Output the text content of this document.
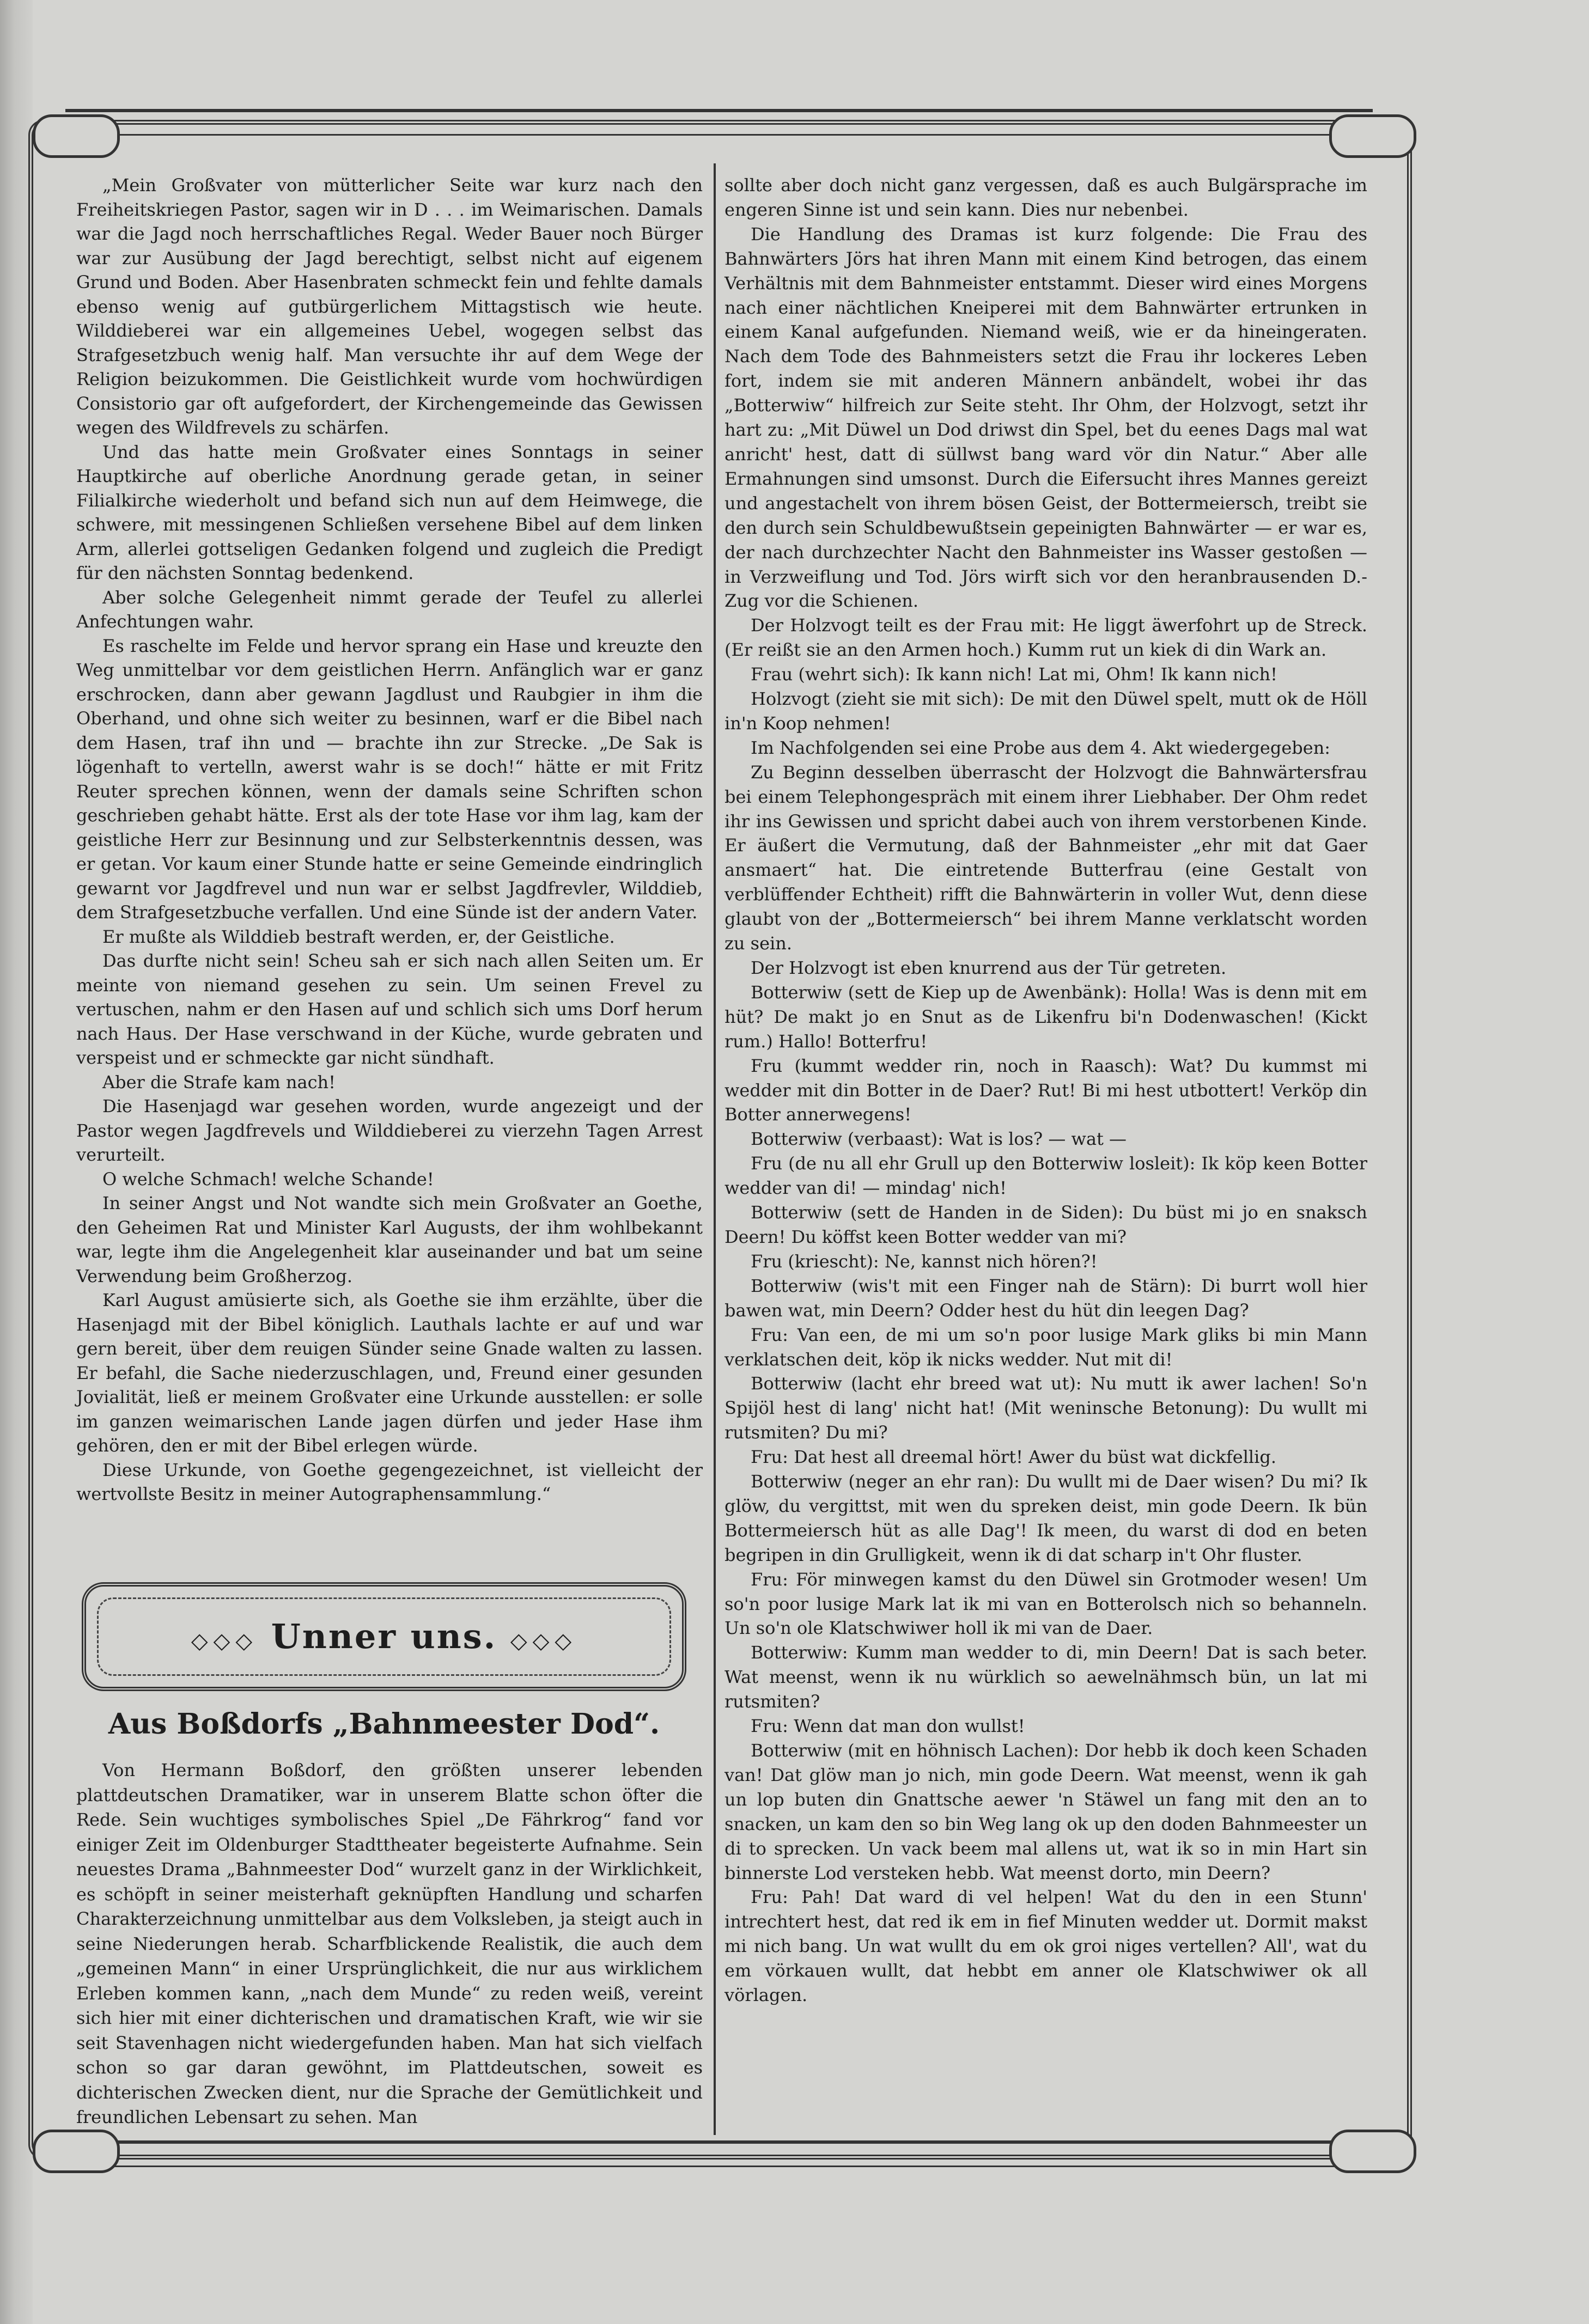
„Mein Großvater von mütterlicher Seite war kurz nach den Freiheitskriegen Pastor, sagen wir in D . . . im Weimarischen. Damals war die Jagd noch herrschaftliches Regal. Weder Bauer noch Bürger war zur Ausübung der Jagd berechtigt, selbst nicht auf eigenem Grund und Boden. Aber Hasenbraten schmeckt fein und fehlte damals ebenso wenig auf gutbürgerlichem Mittagstisch wie heute. Wilddieberei war ein allgemeines Uebel, wogegen selbst das Strafgesetzbuch wenig half. Man versuchte ihr auf dem Wege der Religion beizukommen. Die Geistlichkeit wurde vom hochwürdigen Consistorio gar oft aufgefordert, der Kirchengemeinde das Gewissen wegen des Wildfrevels zu schärfen.

Und das hatte mein Großvater eines Sonntags in seiner Hauptkirche auf oberliche Anordnung gerade getan, in seiner Filialkirche wiederholt und befand sich nun auf dem Heimwege, die schwere, mit messingenen Schließen versehene Bibel auf dem linken Arm, allerlei gottseligen Gedanken folgend und zugleich die Predigt für den nächsten Sonntag bedenkend.

Aber solche Gelegenheit nimmt gerade der Teufel zu allerlei Anfechtungen wahr.

Es raschelte im Felde und hervor sprang ein Hase und kreuzte den Weg unmittelbar vor dem geistlichen Herrn. Anfänglich war er ganz erschrocken, dann aber gewann Jagdlust und Raubgier in ihm die Oberhand, und ohne sich weiter zu besinnen, warf er die Bibel nach dem Hasen, traf ihn und — brachte ihn zur Strecke. „De Sak is lögenhaft to vertelln, awerst wahr is se doch!“ hätte er mit Fritz Reuter sprechen können, wenn der damals seine Schriften schon geschrieben gehabt hätte. Erst als der tote Hase vor ihm lag, kam der geistliche Herr zur Besinnung und zur Selbsterkenntnis dessen, was er getan. Vor kaum einer Stunde hatte er seine Gemeinde eindringlich gewarnt vor Jagdfrevel und nun war er selbst Jagdfrevler, Wilddieb, dem Strafgesetzbuche verfallen. Und eine Sünde ist der andern Vater.

Er mußte als Wilddieb bestraft werden, er, der Geistliche.

Das durfte nicht sein! Scheu sah er sich nach allen Seiten um. Er meinte von niemand gesehen zu sein. Um seinen Frevel zu vertuschen, nahm er den Hasen auf und schlich sich ums Dorf herum nach Haus. Der Hase verschwand in der Küche, wurde gebraten und verspeist und er schmeckte gar nicht sündhaft.

Aber die Strafe kam nach!

Die Hasenjagd war gesehen worden, wurde angezeigt und der Pastor wegen Jagdfrevels und Wilddieberei zu vierzehn Tagen Arrest verurteilt.

O welche Schmach! welche Schande!

In seiner Angst und Not wandte sich mein Großvater an Goethe, den Geheimen Rat und Minister Karl Augusts, der ihm wohlbekannt war, legte ihm die Angelegenheit klar auseinander und bat um seine Verwendung beim Großherzog.

Karl August amüsierte sich, als Goethe sie ihm erzählte, über die Hasenjagd mit der Bibel königlich. Lauthals lachte er auf und war gern bereit, über dem reuigen Sünder seine Gnade walten zu lassen. Er befahl, die Sache niederzuschlagen, und, Freund einer gesunden Jovialität, ließ er meinem Großvater eine Urkunde ausstellen: er solle im ganzen weimarischen Lande jagen dürfen und jeder Hase ihm gehören, den er mit der Bibel erlegen würde.

Diese Urkunde, von Goethe gegengezeichnet, ist vielleicht der wertvollste Besitz in meiner Autographensammlung.“

◇◇◇ Unner uns. ◇◇◇
Aus Boßdorfs „Bahnmeester Dod“.

Von Hermann Boßdorf, den größten unserer lebenden plattdeutschen Dramatiker, war in unserem Blatte schon öfter die Rede. Sein wuchtiges symbolisches Spiel „De Fährkrog“ fand vor einiger Zeit im Oldenburger Stadttheater begeisterte Aufnahme. Sein neuestes Drama „Bahnmeester Dod“ wurzelt ganz in der Wirklichkeit, es schöpft in seiner meisterhaft geknüpften Handlung und scharfen Charakterzeichnung unmittelbar aus dem Volksleben, ja steigt auch in seine Niederungen herab. Scharfblickende Realistik, die auch dem „gemeinen Mann“ in einer Ursprünglichkeit, die nur aus wirklichem Erleben kommen kann, „nach dem Munde“ zu reden weiß, vereint sich hier mit einer dichterischen und dramatischen Kraft, wie wir sie seit Stavenhagen nicht wiedergefunden haben. Man hat sich vielfach schon so gar daran gewöhnt, im Plattdeutschen, soweit es dichterischen Zwecken dient, nur die Sprache der Gemütlichkeit und freundlichen Lebensart zu sehen. Man

sollte aber doch nicht ganz vergessen, daß es auch Bulgärsprache im engeren Sinne ist und sein kann. Dies nur nebenbei.

Die Handlung des Dramas ist kurz folgende: Die Frau des Bahnwärters Jörs hat ihren Mann mit einem Kind betrogen, das einem Verhältnis mit dem Bahnmeister entstammt. Dieser wird eines Morgens nach einer nächtlichen Kneiperei mit dem Bahnwärter ertrunken in einem Kanal aufgefunden. Niemand weiß, wie er da hineingeraten. Nach dem Tode des Bahnmeisters setzt die Frau ihr lockeres Leben fort, indem sie mit anderen Männern anbändelt, wobei ihr das „Botterwiw“ hilfreich zur Seite steht. Ihr Ohm, der Holzvogt, setzt ihr hart zu: „Mit Düwel un Dod driwst din Spel, bet du eenes Dags mal wat anricht' hest, datt di süllwst bang ward vör din Natur.“ Aber alle Ermahnungen sind umsonst. Durch die Eifersucht ihres Mannes gereizt und angestachelt von ihrem bösen Geist, der Bottermeiersch, treibt sie den durch sein Schuldbewußtsein gepeinigten Bahnwärter — er war es, der nach durchzechter Nacht den Bahnmeister ins Wasser gestoßen — in Verzweiflung und Tod. Jörs wirft sich vor den heranbrausenden D.-Zug vor die Schienen.

Der Holzvogt teilt es der Frau mit: He liggt äwerfohrt up de Streck. (Er reißt sie an den Armen hoch.) Kumm rut un kiek di din Wark an.

Frau (wehrt sich): Ik kann nich! Lat mi, Ohm! Ik kann nich!

Holzvogt (zieht sie mit sich): De mit den Düwel spelt, mutt ok de Höll in'n Koop nehmen!

Im Nachfolgenden sei eine Probe aus dem 4. Akt wiedergegeben:

Zu Beginn desselben überrascht der Holzvogt die Bahnwärtersfrau bei einem Telephongespräch mit einem ihrer Liebhaber. Der Ohm redet ihr ins Gewissen und spricht dabei auch von ihrem verstorbenen Kinde. Er äußert die Vermutung, daß der Bahnmeister „ehr mit dat Gaer ansmaert“ hat. Die eintretende Butterfrau (eine Gestalt von verblüffender Echtheit) rifft die Bahnwärterin in voller Wut, denn diese glaubt von der „Bottermeiersch“ bei ihrem Manne verklatscht worden zu sein.

Der Holzvogt ist eben knurrend aus der Tür getreten.

Botterwiw (sett de Kiep up de Awenbänk): Holla! Was is denn mit em hüt? De makt jo en Snut as de Likenfru bi'n Dodenwaschen! (Kickt rum.) Hallo! Botterfru!

Fru (kummt wedder rin, noch in Raasch): Wat? Du kummst mi wedder mit din Botter in de Daer? Rut! Bi mi hest utbottert! Verköp din Botter annerwegens!

Botterwiw (verbaast): Wat is los? — wat —

Fru (de nu all ehr Grull up den Botterwiw losleit): Ik köp keen Botter wedder van di! — mindag' nich!

Botterwiw (sett de Handen in de Siden): Du büst mi jo en snaksch Deern! Du köffst keen Botter wedder van mi?

Fru (kriescht): Ne, kannst nich hören?!

Botterwiw (wis't mit een Finger nah de Stärn): Di burrt woll hier bawen wat, min Deern? Odder hest du hüt din leegen Dag?

Fru: Van een, de mi um so'n poor lusige Mark gliks bi min Mann verklatschen deit, köp ik nicks wedder. Nut mit di!

Botterwiw (lacht ehr breed wat ut): Nu mutt ik awer lachen! So'n Spijöl hest di lang' nicht hat! (Mit weninsche Betonung): Du wullt mi rutsmiten? Du mi?

Fru: Dat hest all dreemal hört! Awer du büst wat dickfellig.

Botterwiw (neger an ehr ran): Du wullt mi de Daer wisen? Du mi? Ik glöw, du vergittst, mit wen du spreken deist, min gode Deern. Ik bün Bottermeiersch hüt as alle Dag'! Ik meen, du warst di dod en beten begripen in din Grulligkeit, wenn ik di dat scharp in't Ohr fluster.

Fru: För minwegen kamst du den Düwel sin Grotmoder wesen! Um so'n poor lusige Mark lat ik mi van en Botterolsch nich so behanneln. Un so'n ole Klatschwiwer holl ik mi van de Daer.

Botterwiw: Kumm man wedder to di, min Deern! Dat is sach beter. Wat meenst, wenn ik nu würklich so aewelnähmsch bün, un lat mi rutsmiten?

Fru: Wenn dat man don wullst!

Botterwiw (mit en höhnisch Lachen): Dor hebb ik doch keen Schaden van! Dat glöw man jo nich, min gode Deern. Wat meenst, wenn ik gah un lop buten din Gnattsche aewer 'n Stäwel un fang mit den an to snacken, un kam den so bin Weg lang ok up den doden Bahnmeester un di to sprecken. Un vack beem mal allens ut, wat ik so in min Hart sin binnerste Lod versteken hebb. Wat meenst dorto, min Deern?

Fru: Pah! Dat ward di vel helpen! Wat du den in een Stunn' intrechtert hest, dat red ik em in fief Minuten wedder ut. Dormit makst mi nich bang. Un wat wullt du em ok groi niges vertellen? All', wat du em vörkauen wullt, dat hebbt em anner ole Klatschwiwer ok all vörlagen.
